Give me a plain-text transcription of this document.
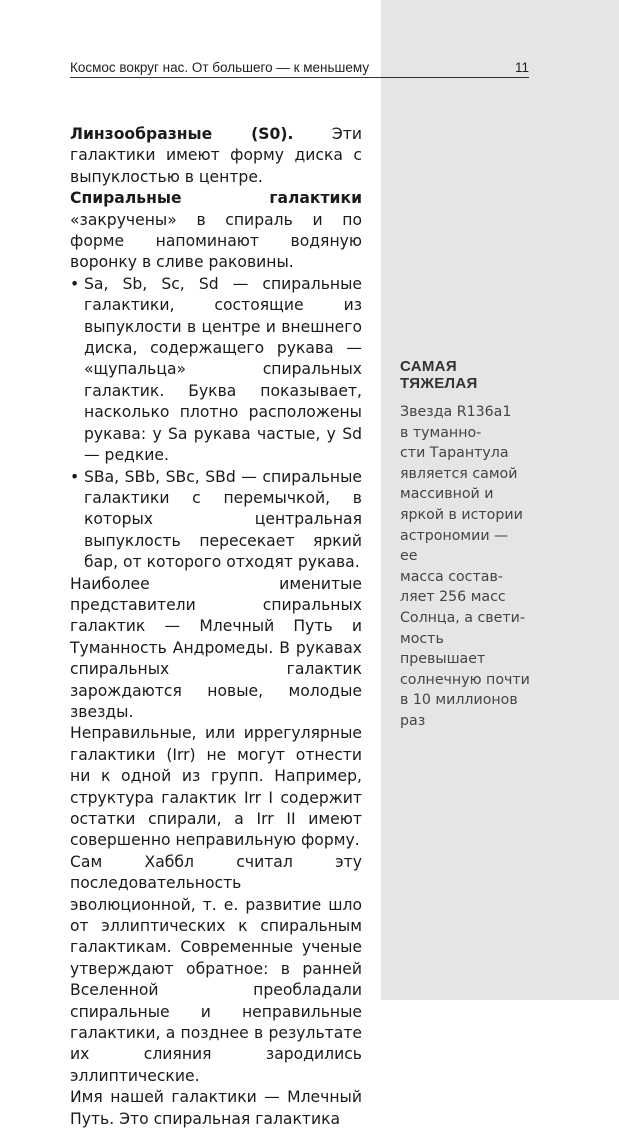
Космос вокруг нас. От большего — к меньшему	11

Линзообразные (S0). Эти галактики имеют форму диска с выпуклостью в центре.

Спиральные галактики «закручены» в спираль и по форме напоминают водяную воронку в сливе раковины.

• Sa, Sb, Sc, Sd — спиральные галактики, состоящие из выпуклости в центре и внешнего диска, содержащего рукава — «щупальца» спиральных галактик. Буква показывает, насколько плотно расположены рукава: у Sa рукава частые, у Sd — редкие.

• SBa, SBb, SBc, SBd — спиральные галактики с перемычкой, в которых центральная выпуклость пересекает яркий бар, от которого отходят рукава.

Наиболее именитые представители спиральных галактик — Млечный Путь и Туманность Андромеды. В рукавах спиральных галактик зарождаются новые, молодые звезды.

Неправильные, или иррегулярные галактики (Irr) не могут отнести ни к одной из групп. Например, структура галактик Irr I содержит остатки спирали, а Irr II имеют совершенно неправильную форму.

Сам Хаббл считал эту последовательность эволюционной, т. е. развитие шло от эллиптических к спиральным галактикам. Современные ученые утверждают обратное: в ранней Вселенной преобладали спиральные и неправильные галактики, а позднее в результате их слияния зародились эллиптические.

Имя нашей галактики — Млечный Путь. Это спиральная галактика

САМАЯ ТЯЖЕЛАЯ
Звезда R136a1
в туманно-
сти Тарантула
является самой
массивной и
яркой в истории
астрономии — ее
масса состав-
ляет 256 масс
Солнца, а свети-
мость превышает
солнечную почти
в 10 миллионов
раз
